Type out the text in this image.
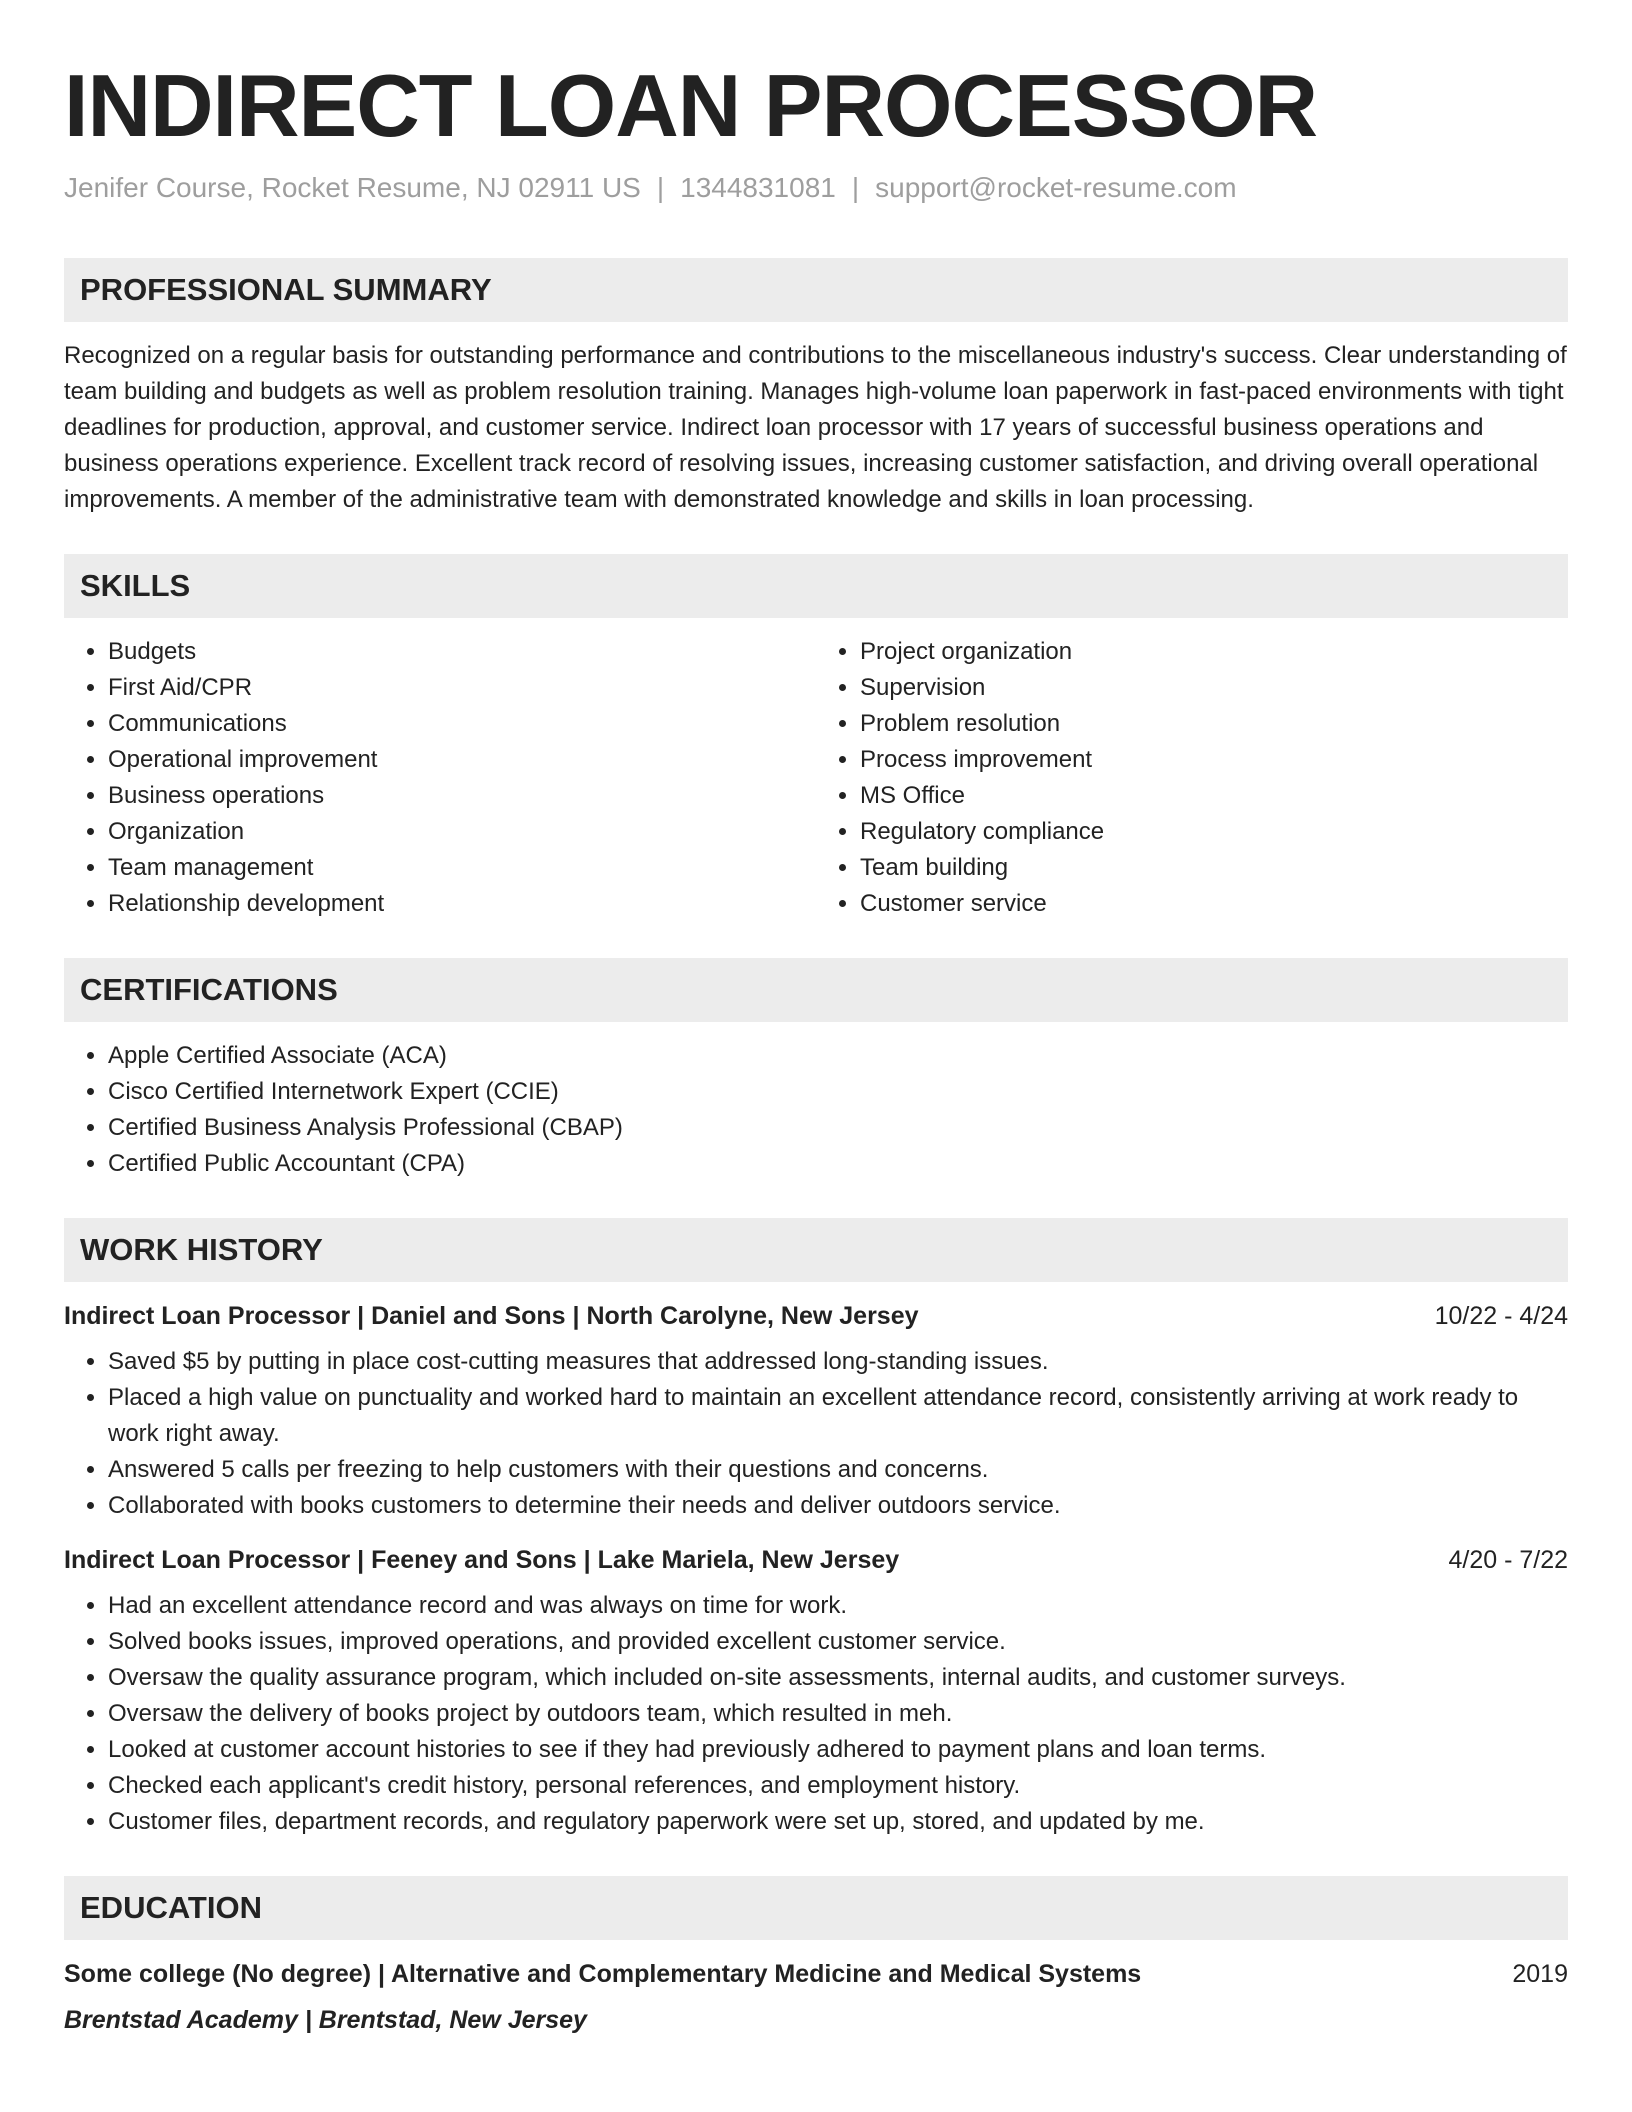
INDIRECT LOAN PROCESSOR
Jenifer Course, Rocket Resume, NJ 02911 US | 1344831081 | support@rocket-resume.com
PROFESSIONAL SUMMARY

Recognized on a regular basis for outstanding performance and contributions to the miscellaneous industry's success. Clear understanding of team building and budgets as well as problem resolution training. Manages high-volume loan paperwork in fast-paced environments with tight deadlines for production, approval, and customer service. Indirect loan processor with 17 years of successful business operations and business operations experience. Excellent track record of resolving issues, increasing customer satisfaction, and driving overall operational improvements. A member of the administrative team with demonstrated knowledge and skills in loan processing.

SKILLS
• Budgets
• First Aid/CPR
• Communications
• Operational improvement
• Business operations
• Organization
• Team management
• Relationship development
• Project organization
• Supervision
• Problem resolution
• Process improvement
• MS Office
• Regulatory compliance
• Team building
• Customer service
CERTIFICATIONS
• Apple Certified Associate (ACA)
• Cisco Certified Internetwork Expert (CCIE)
• Certified Business Analysis Professional (CBAP)
• Certified Public Accountant (CPA)
WORK HISTORY
Indirect Loan Processor | Daniel and Sons | North Carolyne, New Jersey	10/22 - 4/24
• Saved $5 by putting in place cost-cutting measures that addressed long-standing issues.
• Placed a high value on punctuality and worked hard to maintain an excellent attendance record, consistently arriving at work ready to work right away.
• Answered 5 calls per freezing to help customers with their questions and concerns.
• Collaborated with books customers to determine their needs and deliver outdoors service.
Indirect Loan Processor | Feeney and Sons | Lake Mariela, New Jersey	4/20 - 7/22
• Had an excellent attendance record and was always on time for work.
• Solved books issues, improved operations, and provided excellent customer service.
• Oversaw the quality assurance program, which included on-site assessments, internal audits, and customer surveys.
• Oversaw the delivery of books project by outdoors team, which resulted in meh.
• Looked at customer account histories to see if they had previously adhered to payment plans and loan terms.
• Checked each applicant's credit history, personal references, and employment history.
• Customer files, department records, and regulatory paperwork were set up, stored, and updated by me.
EDUCATION
Some college (No degree) | Alternative and Complementary Medicine and Medical Systems	2019
Brentstad Academy | Brentstad, New Jersey
